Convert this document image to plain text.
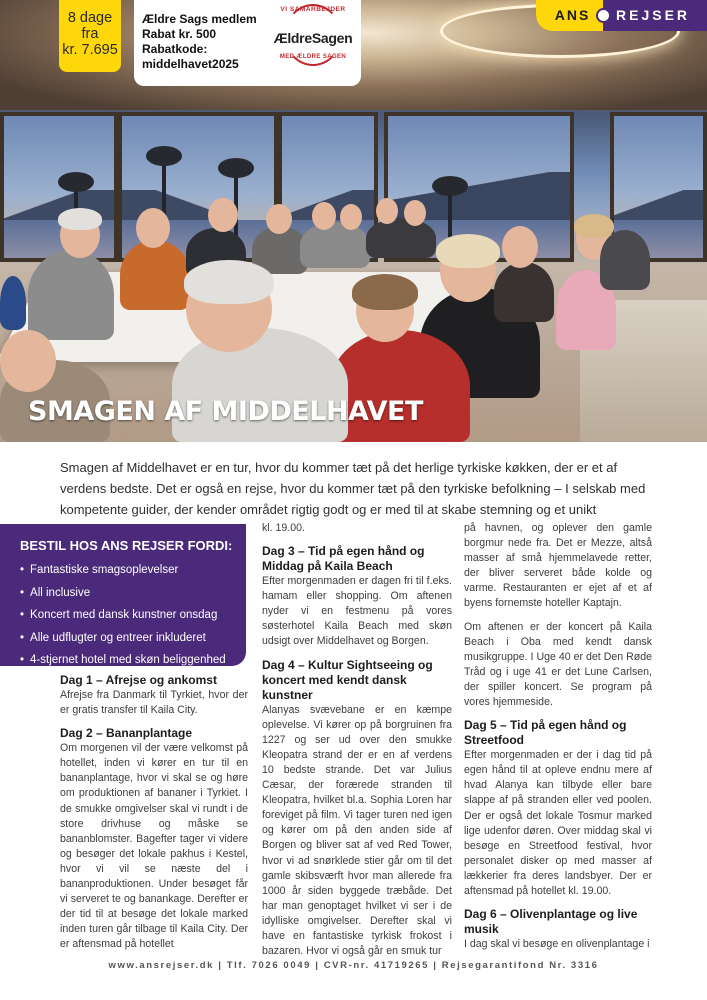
8 dage
fra
kr. 7.695
Ældre Sags medlem
Rabat kr. 500
Rabatkode:
middelhavet2025
VI SAMARBEJDER
ÆldreSagen
MED ÆLDRE SAGEN
ANS	REJSER
SMAGEN AF MIDDELHAVET

Smagen af Middelhavet er en tur, hvor du kommer tæt på det herlige tyrkiske køkken, der er et af verdens bedste. Det er også en rejse, hvor du kommer tæt på den tyrkiske befolkning – I selskab med kompetente guider, der kender området rigtig godt og er med til at skabe stemning og et unikt

BESTIL HOS ANS REJSER FORDI:
• Fantastiske smagsoplevelser
• All inclusive
• Koncert med dansk kunstner onsdag
• Alle udflugter og entreer inkluderet
• 4-stjernet hotel med skøn beliggenhed
Dag 1 – Afrejse og ankomst

Afrejse fra Danmark til Tyrkiet, hvor der er gratis transfer til Kaila City.

Dag 2 – Bananplantage

Om morgenen vil der være velkomst på hotellet, inden vi kører en tur til en bananplantage, hvor vi skal se og høre om produktionen af bananer i Tyrkiet. I de smukke omgivelser skal vi rundt i de store drivhuse og måske se bananblomster. Bagefter tager vi videre og besøger det lokale pakhus i Kestel, hvor vi vil se næste del i bananproduktionen. Under besøget får vi serveret te og banankage. Derefter er der tid til at besøge det lokale marked inden turen går tilbage til Kaila City. Der er aftensmad på hotellet

kl. 19.00.

Dag 3 – Tid på egen hånd og Middag på Kaila Beach

Efter morgenmaden er dagen fri til f.eks. hamam eller shopping. Om aftenen nyder vi en festmenu på vores søsterhotel Kaila Beach med skøn udsigt over Middelhavet og Borgen.

Dag 4 – Kultur Sightseeing og koncert med kendt dansk kunstner

Alanyas svævebane er en kæmpe oplevelse. Vi kører op på borgruinen fra 1227 og ser ud over den smukke Kleopatra strand der er en af verdens 10 bedste strande. Det var Julius Cæsar, der forærede stranden til Kleopatra, hvilket bl.a. Sophia Loren har foreviget på film. Vi tager turen ned igen og kører om på den anden side af Borgen og bliver sat af ved Red Tower, hvor vi ad snørklede stier går om til det gamle skibsværft hvor man allerede fra 1000 år siden byggede træbåde. Det har man genoptaget hvilket vi ser i de idylliske omgivelser. Derefter skal vi have en fantastiske tyrkisk frokost i bazaren. Hvor vi også går en smuk tur

på havnen, og oplever den gamle borgmur nede fra. Det er Mezze, altså masser af små hjemmelavede retter, der bliver serveret både kolde og varme. Restauranten er ejet af et af byens fornemste hoteller Kaptajn.

Om aftenen er der koncert på Kaila Beach i Oba med kendt dansk musikgruppe. I Uge 40 er det Den Røde Tråd og i uge 41 er det Lune Carlsen, der spiller koncert. Se program på vores hjemmeside.

Dag 5 – Tid på egen hånd og Streetfood

Efter morgenmaden er der i dag tid på egen hånd til at opleve endnu mere af hvad Alanya kan tilbyde eller bare slappe af på stranden eller ved poolen. Der er også det lokale Tosmur marked lige udenfor døren. Over middag skal vi besøge en Streetfood festival, hvor personalet disker op med masser af lækkerier fra deres landsbyer. Der er aftensmad på hotellet kl. 19.00.

Dag 6 – Olivenplantage og live musik

I dag skal vi besøge en olivenplantage i

www.ansrejser.dk | Tlf. 7026 0049 | CVR-nr. 41719265 | Rejsegarantifond Nr. 3316
